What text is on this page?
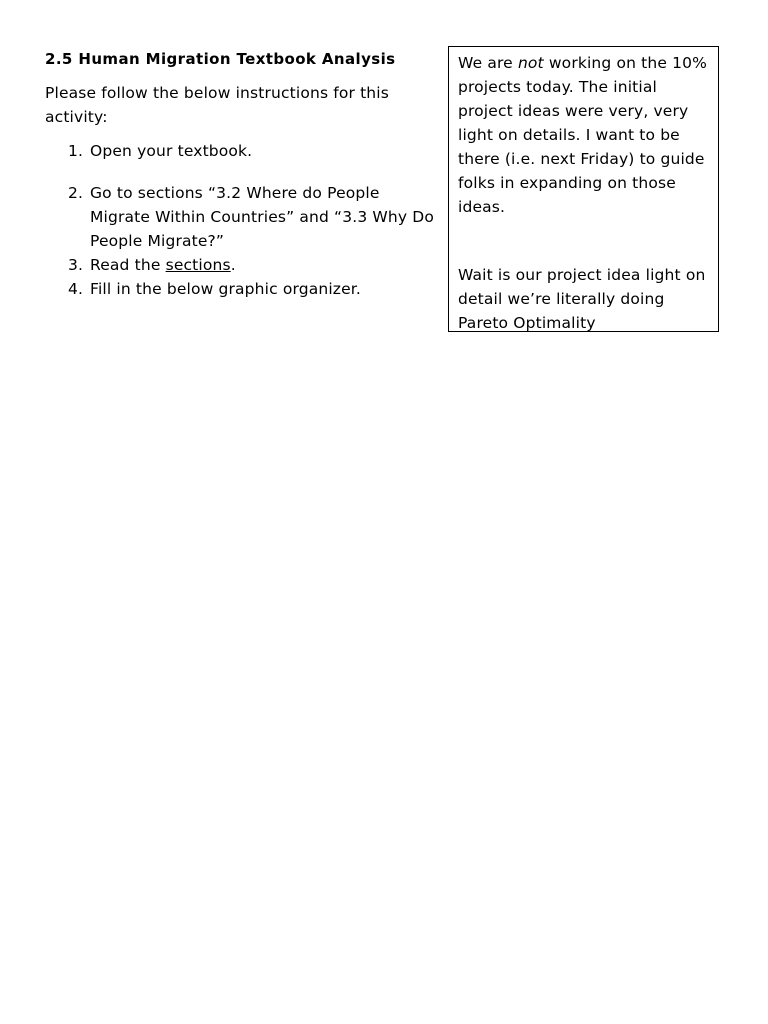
2.5 Human Migration Textbook Analysis

Please follow the below instructions for this activity:

1. Open your textbook.
2. Go to sections “3.2 Where do People Migrate Within Countries” and “3.3 Why Do People Migrate?”
3. Read the sections.
4. Fill in the below graphic organizer.

We are not working on the 10% projects today. The initial project ideas were very, very light on details. I want to be there (i.e. next Friday) to guide folks in expanding on those ideas.

Wait is our project idea light on detail we’re literally doing Pareto Optimality
